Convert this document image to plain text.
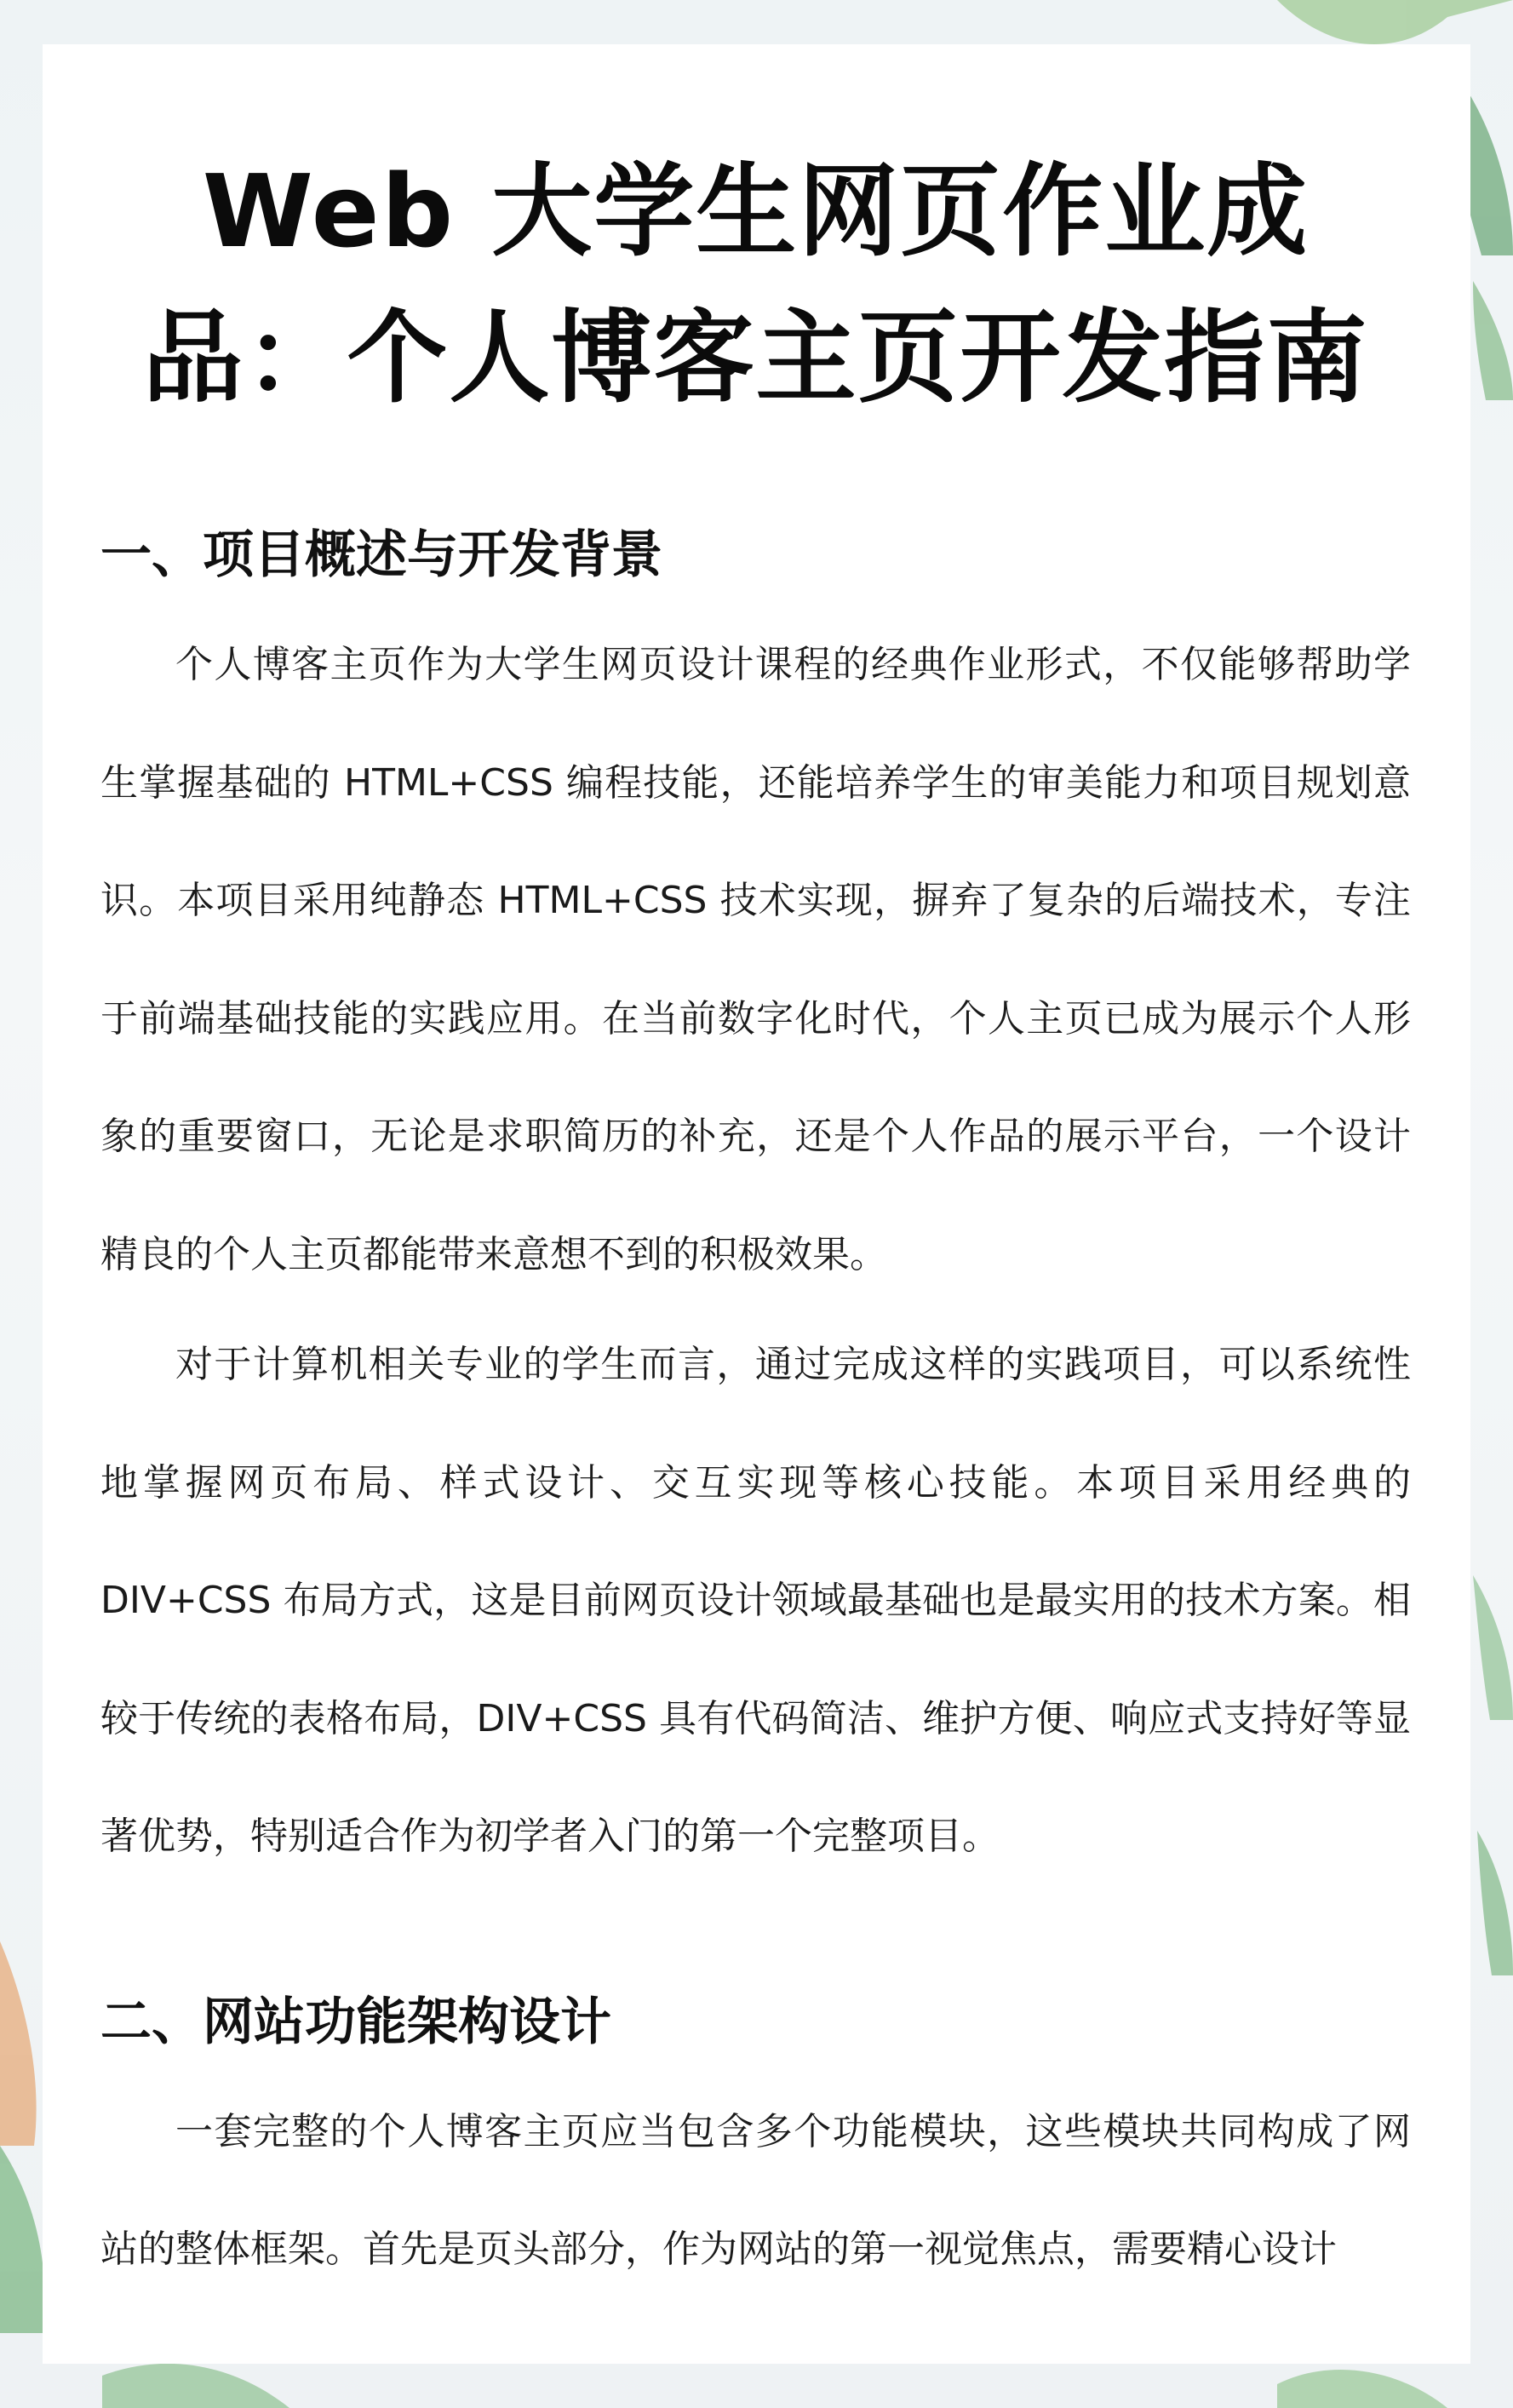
Web 大学生网页作业成品：个人博客主页开发指南
一、项目概述与开发背景

个人博客主页作为大学生网页设计课程的经典作业形式，不仅能够帮助学生掌握基础的 HTML+CSS 编程技能，还能培养学生的审美能力和项目规划意识。本项目采用纯静态 HTML+CSS 技术实现，摒弃了复杂的后端技术，专注于前端基础技能的实践应用。在当前数字化时代，个人主页已成为展示个人形象的重要窗口，无论是求职简历的补充，还是个人作品的展示平台，一个设计精良的个人主页都能带来意想不到的积极效果。

对于计算机相关专业的学生而言，通过完成这样的实践项目，可以系统性地掌握网页布局、样式设计、交互实现等核心技能。本项目采用经典的DIV+CSS 布局方式，这是目前网页设计领域最基础也是最实用的技术方案。相较于传统的表格布局，DIV+CSS 具有代码简洁、维护方便、响应式支持好等显著优势，特别适合作为初学者入门的第一个完整项目。

二、网站功能架构设计

一套完整的个人博客主页应当包含多个功能模块，这些模块共同构成了网站的整体框架。首先是页头部分，作为网站的第一视觉焦点，需要精心设计
